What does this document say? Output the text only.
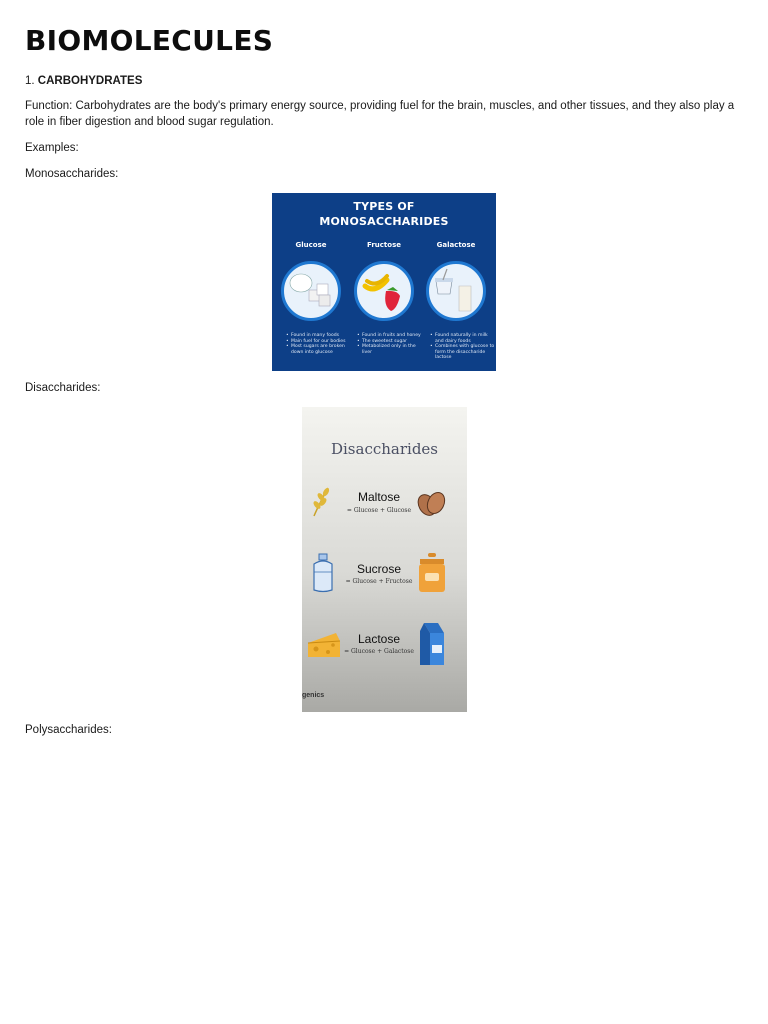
BIOMOLECULES

1. CARBOHYDRATES

Function: Carbohydrates are the body's primary energy source, providing fuel for the brain, muscles, and other tissues, and they also play a role in fiber digestion and blood sugar regulation.

Examples:

Monosaccharides:

TYPES OF
MONOSACCHARIDES
Glucose	Fructose	Galactose
• Found in many foods
• Main fuel for our bodies
• Most sugars are broken down into glucose
• Found in fruits and honey
• The sweetest sugar
• Metabolized only in the liver
• Found naturally in milk and dairy foods
• Combines with glucose to form the disaccharide lactose

Disaccharides:

Disaccharides
Maltose
= Glucose + Glucose
Sucrose
= Glucose + Fructose
Lactose
= Glucose + Galactose
genics

Polysaccharides:
